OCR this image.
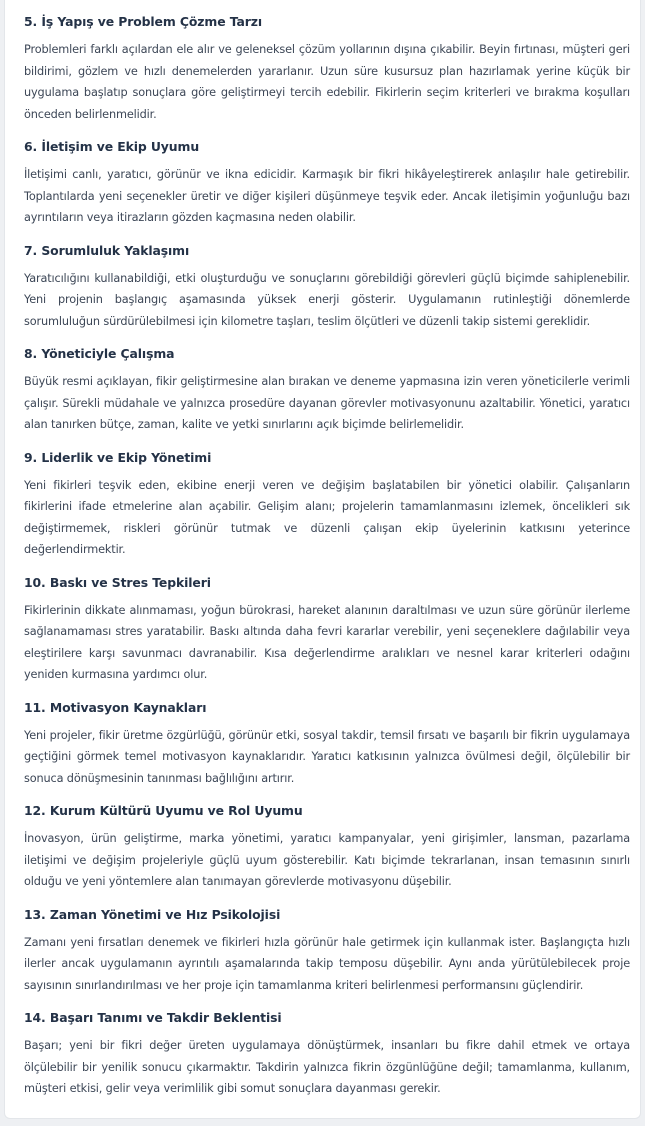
5. İş Yapış ve Problem Çözme Tarzı

Problemleri farklı açılardan ele alır ve geleneksel çözüm yollarının dışına çıkabilir. Beyin fırtınası, müşteri geri bildirimi, gözlem ve hızlı denemelerden yararlanır. Uzun süre kusursuz plan hazırlamak yerine küçük bir uygulama başlatıp sonuçlara göre geliştirmeyi tercih edebilir. Fikirlerin seçim kriterleri ve bırakma koşulları önceden belirlenmelidir.

6. İletişim ve Ekip Uyumu

İletişimi canlı, yaratıcı, görünür ve ikna edicidir. Karmaşık bir fikri hikâyeleştirerek anlaşılır hale getirebilir. Toplantılarda yeni seçenekler üretir ve diğer kişileri düşünmeye teşvik eder. Ancak iletişimin yoğunluğu bazı ayrıntıların veya itirazların gözden kaçmasına neden olabilir.

7. Sorumluluk Yaklaşımı

Yaratıcılığını kullanabildiği, etki oluşturduğu ve sonuçlarını görebildiği görevleri güçlü biçimde sahiplenebilir. Yeni projenin başlangıç aşamasında yüksek enerji gösterir. Uygulamanın rutinleştiği dönemlerde sorumluluğun sürdürülebilmesi için kilometre taşları, teslim ölçütleri ve düzenli takip sistemi gereklidir.

8. Yöneticiyle Çalışma

Büyük resmi açıklayan, fikir geliştirmesine alan bırakan ve deneme yapmasına izin veren yöneticilerle verimli çalışır. Sürekli müdahale ve yalnızca prosedüre dayanan görevler motivasyonunu azaltabilir. Yönetici, yaratıcı alan tanırken bütçe, zaman, kalite ve yetki sınırlarını açık biçimde belirlemelidir.

9. Liderlik ve Ekip Yönetimi

Yeni fikirleri teşvik eden, ekibine enerji veren ve değişim başlatabilen bir yönetici olabilir. Çalışanların fikirlerini ifade etmelerine alan açabilir. Gelişim alanı; projelerin tamamlanmasını izlemek, öncelikleri sık değiştirmemek, riskleri görünür tutmak ve düzenli çalışan ekip üyelerinin katkısını yeterince değerlendirmektir.

10. Baskı ve Stres Tepkileri

Fikirlerinin dikkate alınmaması, yoğun bürokrasi, hareket alanının daraltılması ve uzun süre görünür ilerleme sağlanamaması stres yaratabilir. Baskı altında daha fevri kararlar verebilir, yeni seçeneklere dağılabilir veya eleştirilere karşı savunmacı davranabilir. Kısa değerlendirme aralıkları ve nesnel karar kriterleri odağını yeniden kurmasına yardımcı olur.

11. Motivasyon Kaynakları

Yeni projeler, fikir üretme özgürlüğü, görünür etki, sosyal takdir, temsil fırsatı ve başarılı bir fikrin uygulamaya geçtiğini görmek temel motivasyon kaynaklarıdır. Yaratıcı katkısının yalnızca övülmesi değil, ölçülebilir bir sonuca dönüşmesinin tanınması bağlılığını artırır.

12. Kurum Kültürü Uyumu ve Rol Uyumu

İnovasyon, ürün geliştirme, marka yönetimi, yaratıcı kampanyalar, yeni girişimler, lansman, pazarlama iletişimi ve değişim projeleriyle güçlü uyum gösterebilir. Katı biçimde tekrarlanan, insan temasının sınırlı olduğu ve yeni yöntemlere alan tanımayan görevlerde motivasyonu düşebilir.

13. Zaman Yönetimi ve Hız Psikolojisi

Zamanı yeni fırsatları denemek ve fikirleri hızla görünür hale getirmek için kullanmak ister. Başlangıçta hızlı ilerler ancak uygulamanın ayrıntılı aşamalarında takip temposu düşebilir. Aynı anda yürütülebilecek proje sayısının sınırlandırılması ve her proje için tamamlanma kriteri belirlenmesi performansını güçlendirir.

14. Başarı Tanımı ve Takdir Beklentisi

Başarı; yeni bir fikri değer üreten uygulamaya dönüştürmek, insanları bu fikre dahil etmek ve ortaya ölçülebilir bir yenilik sonucu çıkarmaktır. Takdirin yalnızca fikrin özgünlüğüne değil; tamamlanma, kullanım, müşteri etkisi, gelir veya verimlilik gibi somut sonuçlara dayanması gerekir.
